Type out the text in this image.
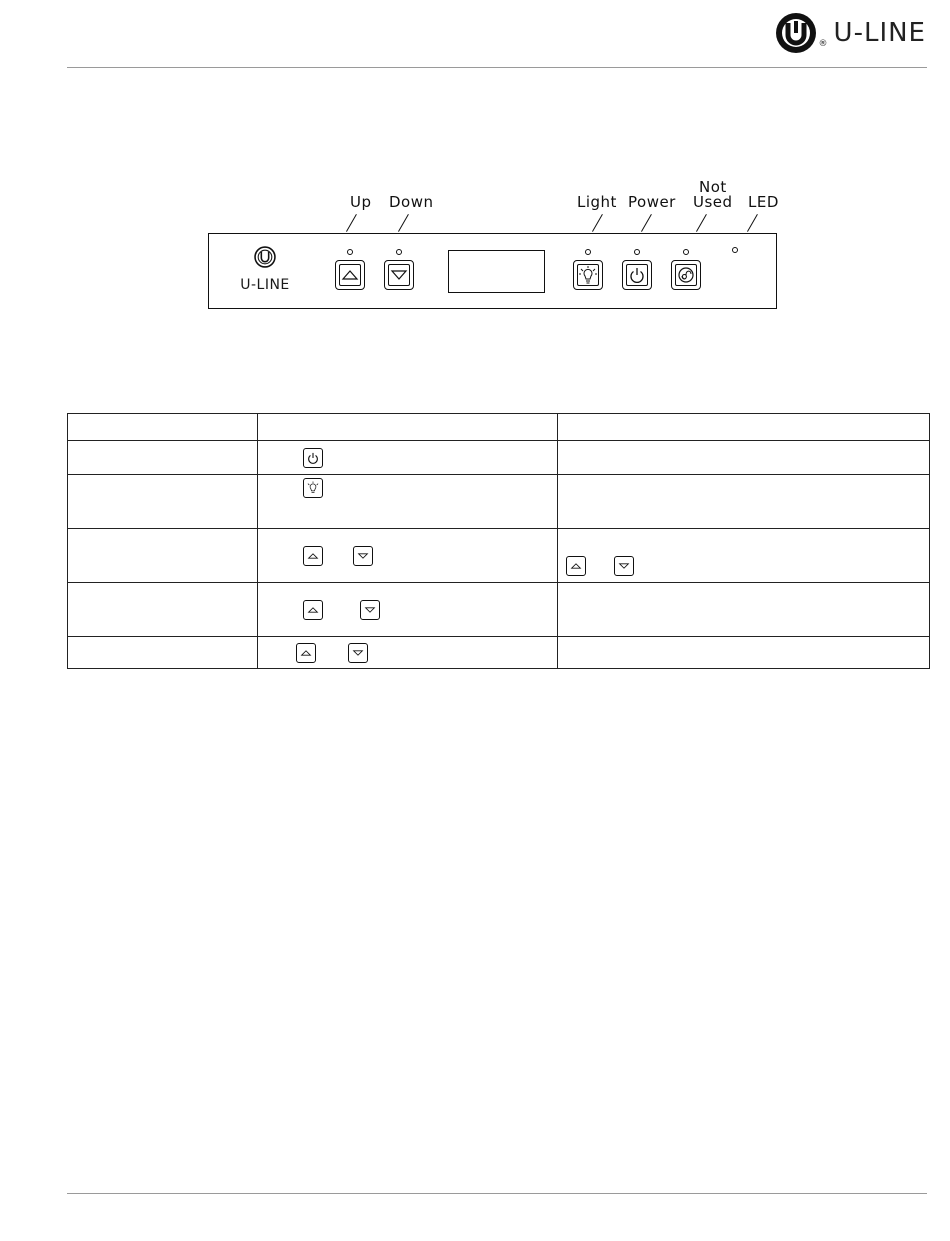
® U-LINE
Up Down	Light Power
Not
Used LED
U-LINE
